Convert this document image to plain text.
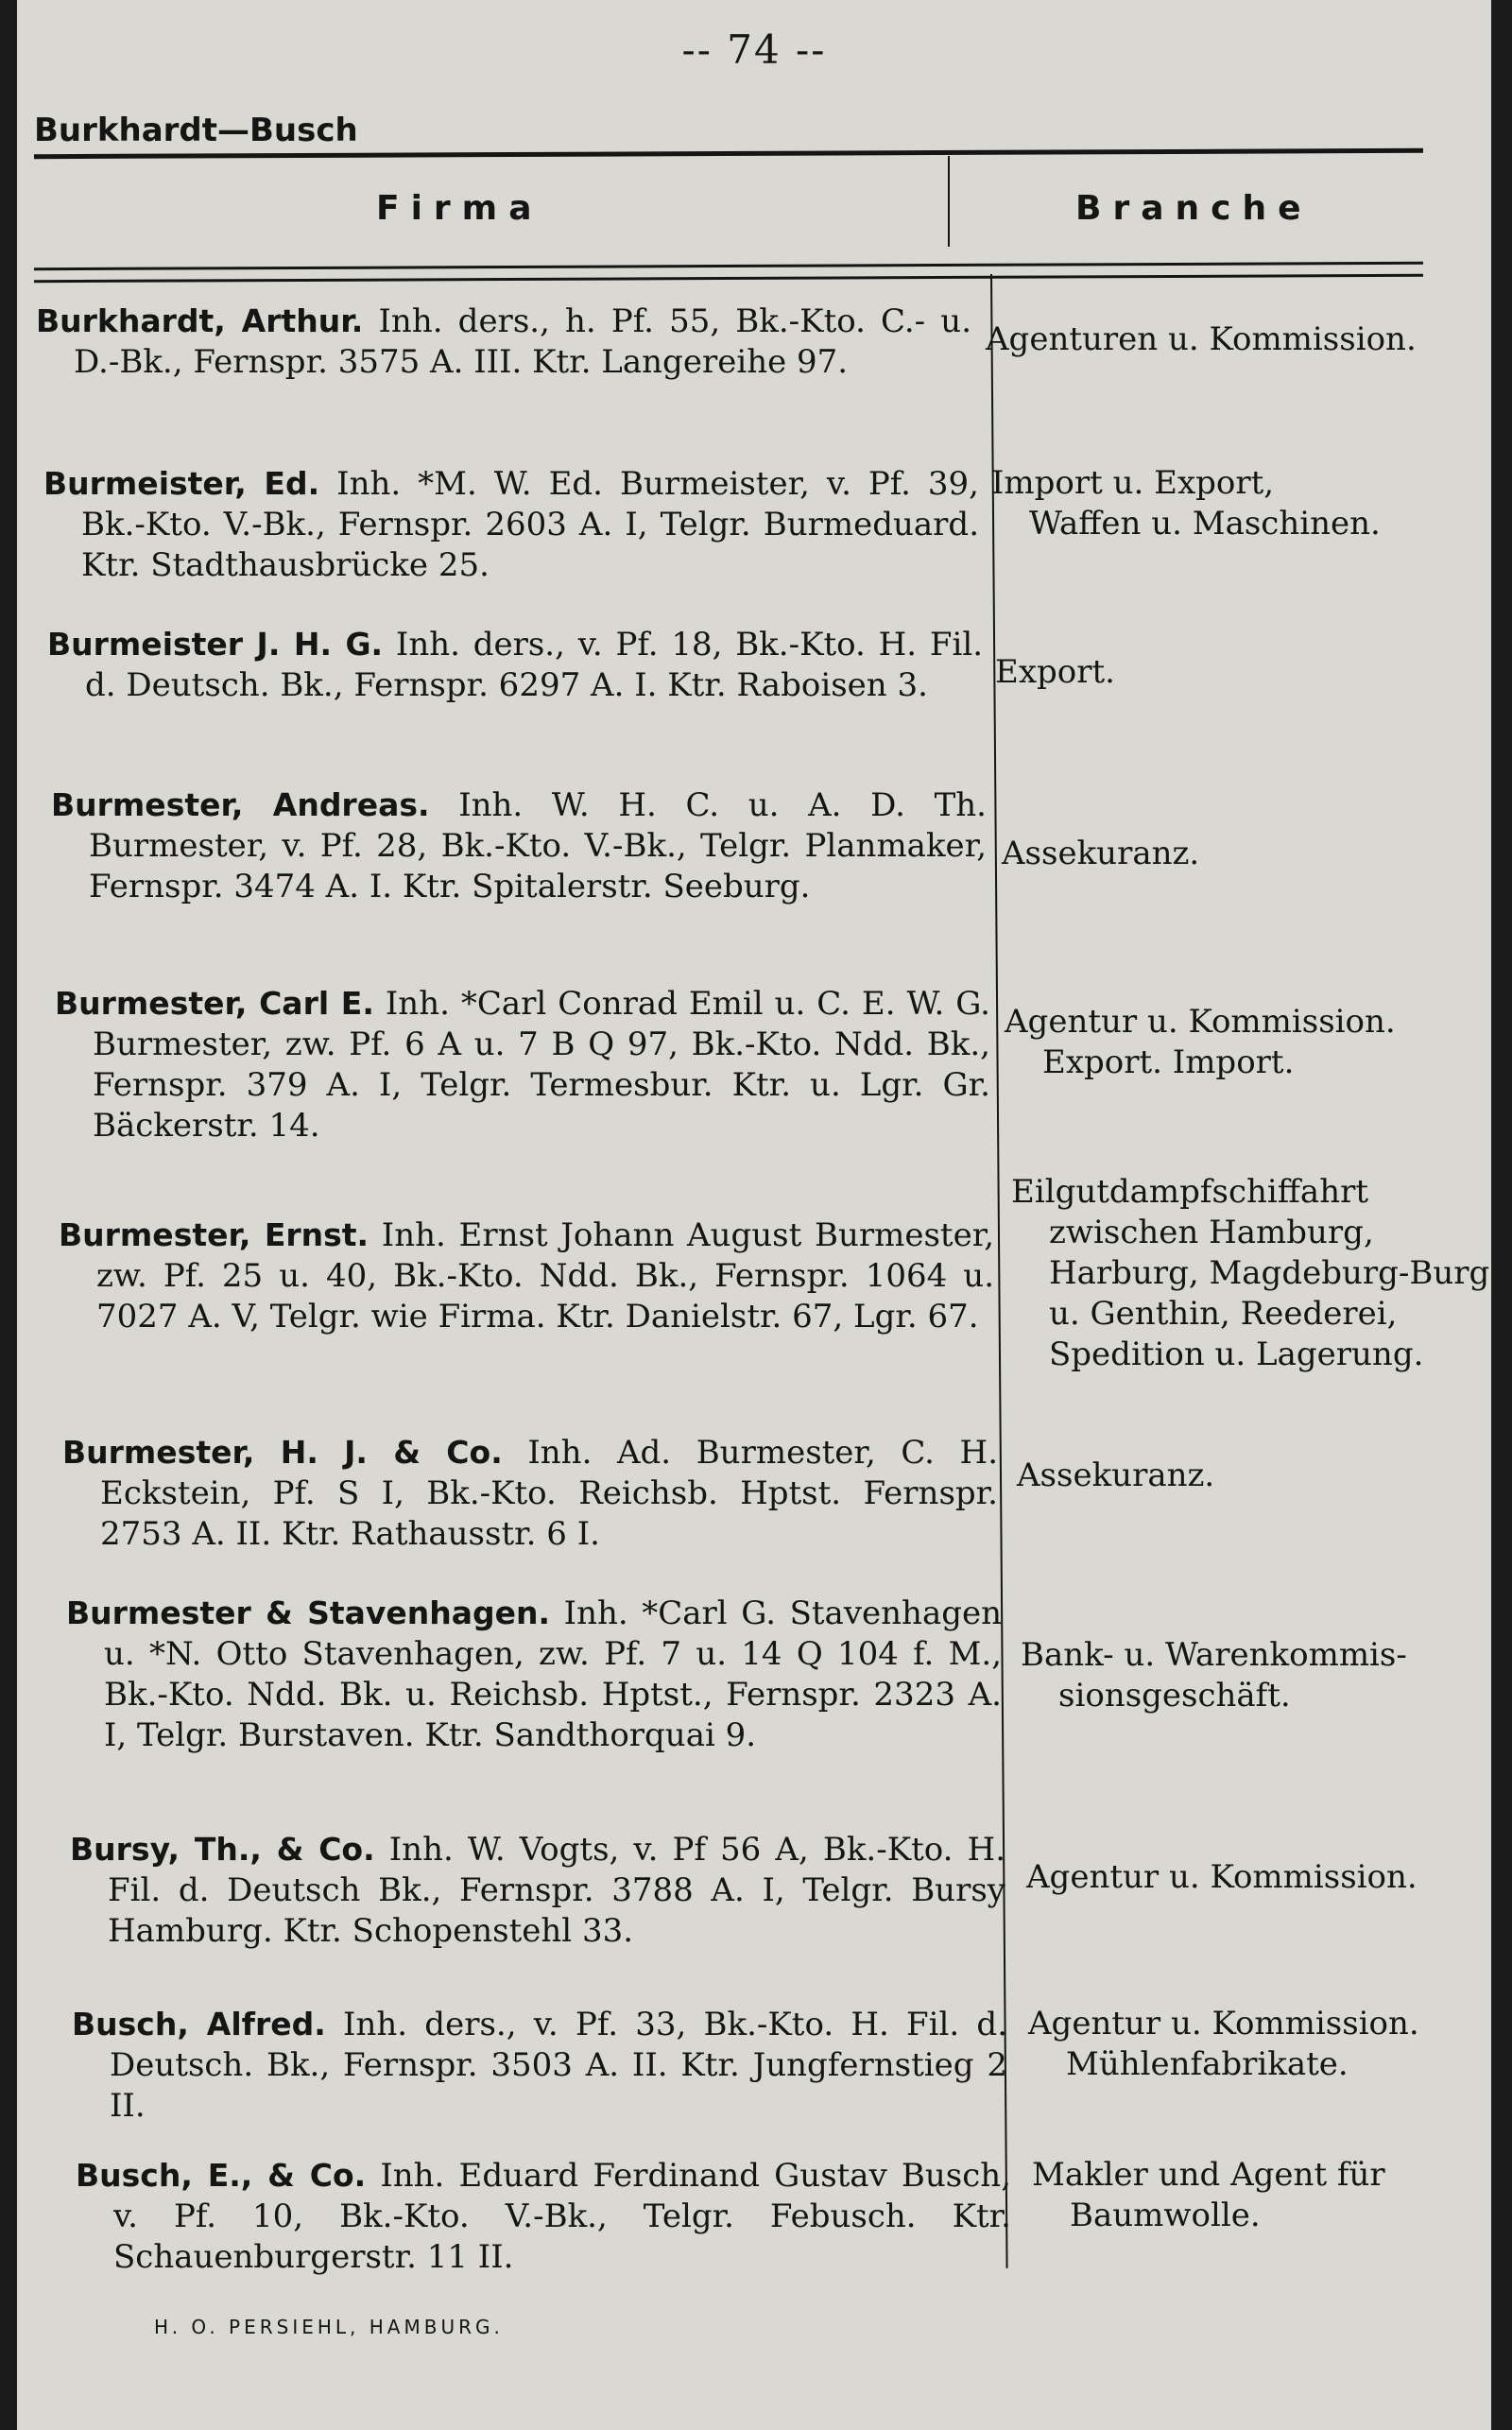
-- 74 --
Burkhardt—Busch
Firma	Branche
Burkhardt, Arthur. Inh. ders., h. Pf. 55, Bk.-Kto. C.- u. D.-Bk., Fernspr. 3575 A. III. Ktr. Langereihe 97.
Agenturen u. Kommission.
Burmeister, Ed. Inh. *M. W. Ed. Burmeister, v. Pf. 39, Bk.-Kto. V.-Bk., Fernspr. 2603 A. I, Telgr. Burmeduard. Ktr. Stadthausbrücke 25.
Import u. Export,
Waffen u. Maschinen.
Burmeister J. H. G. Inh. ders., v. Pf. 18, Bk.-Kto. H. Fil. d. Deutsch. Bk., Fernspr. 6297 A. I. Ktr. Raboisen 3.	Export.
Burmester, Andreas. Inh. W. H. C. u. A. D. Th. Burmester, v. Pf. 28, Bk.-Kto. V.-Bk., Telgr. Planmaker, Fernspr. 3474 A. I. Ktr. Spitalerstr. Seeburg.
Assekuranz.
Burmester, Carl E. Inh. *Carl Conrad Emil u. C. E. W. G. Burmester, zw. Pf. 6 A u. 7 B Q 97, Bk.-Kto. Ndd. Bk., Fernspr. 379 A. I, Telgr. Termesbur. Ktr. u. Lgr. Gr. Bäckerstr. 14.
Agentur u. Kommission.
Export. Import.
Burmester, Ernst. Inh. Ernst Johann August Burmester, zw. Pf. 25 u. 40, Bk.-Kto. Ndd. Bk., Fernspr. 1064 u. 7027 A. V, Telgr. wie Firma. Ktr. Danielstr. 67, Lgr. 67.
Eilgutdampfschiffahrt
zwischen Hamburg, Harburg, Magdeburg-Burg u. Genthin, Reederei, Spedition u. Lagerung.
Burmester, H. J. & Co. Inh. Ad. Burmester, C. H. Eckstein, Pf. S I, Bk.-Kto. Reichsb. Hptst. Fernspr. 2753 A. II. Ktr. Rathausstr. 6 I.
Assekuranz.
Burmester & Stavenhagen. Inh. *Carl G. Stavenhagen u. *N. Otto Stavenhagen, zw. Pf. 7 u. 14 Q 104 f. M., Bk.-Kto. Ndd. Bk. u. Reichsb. Hptst., Fernspr. 2323 A. I, Telgr. Burstaven. Ktr. Sandthorquai 9.
Bank- u. Warenkommis-
sionsgeschäft.
Bursy, Th., & Co. Inh. W. Vogts, v. Pf 56 A, Bk.-Kto. H. Fil. d. Deutsch Bk., Fernspr. 3788 A. I, Telgr. Bursy Hamburg. Ktr. Schopenstehl 33.
Agentur u. Kommission.
Busch, Alfred. Inh. ders., v. Pf. 33, Bk.-Kto. H. Fil. d. Deutsch. Bk., Fernspr. 3503 A. II. Ktr. Jungfernstieg 2 II.
Agentur u. Kommission.
Mühlenfabrikate.
Busch, E., & Co. Inh. Eduard Ferdinand Gustav Busch, v. Pf. 10, Bk.-Kto. V.-Bk., Telgr. Febusch. Ktr. Schauenburgerstr. 11 II.
Makler und Agent für
Baumwolle.
H. O. PERSIEHL, HAMBURG.
